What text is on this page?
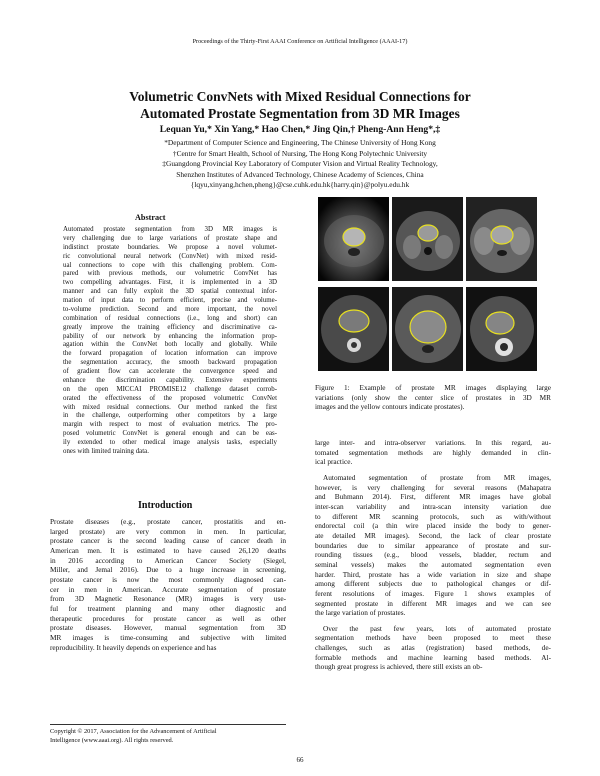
Proceedings of the Thirty-First AAAI Conference on Artificial Intelligence (AAAI-17)
Volumetric ConvNets with Mixed Residual Connections for
Automated Prostate Segmentation from 3D MR Images
Lequan Yu,* Xin Yang,* Hao Chen,* Jing Qin,† Pheng-Ann Heng*,‡
*Department of Computer Science and Engineering, The Chinese University of Hong Kong
†Centre for Smart Health, School of Nursing, The Hong Kong Polytechnic University
‡Guangdong Provincial Key Laboratory of Computer Vision and Virtual Reality Technology,
Shenzhen Institutes of Advanced Technology, Chinese Academy of Sciences, China
{lqyu,xinyang,hchen,pheng}@cse.cuhk.edu.hk{harry.qin}@polyu.edu.hk
Abstract
Automated prostate segmentation from 3D MR images is
very challenging due to large variations of prostate shape and
indistinct prostate boundaries. We propose a novel volumet-
ric convolutional neural network (ConvNet) with mixed resid-
ual connections to cope with this challenging problem. Com-
pared with previous methods, our volumetric ConvNet has
two compelling advantages. First, it is implemented in a 3D
manner and can fully exploit the 3D spatial contextual infor-
mation of input data to perform efficient, precise and volume-
to-volume prediction. Second and more important, the novel
combination of residual connections (i.e., long and short) can
greatly improve the training efficiency and discriminative ca-
pability of our network by enhancing the information prop-
agation within the ConvNet both locally and globally. While
the forward propagation of location information can improve
the segmentation accuracy, the smooth backward propagation
of gradient flow can accelerate the convergence speed and
enhance the discrimination capability. Extensive experiments
on the open MICCAI PROMISE12 challenge dataset corrob-
orated the effectiveness of the proposed volumetric ConvNet
with mixed residual connections. Our method ranked the first
in the challenge, outperforming other competitors by a large
margin with respect to most of evaluation metrics. The pro-
posed volumetric ConvNet is general enough and can be eas-
ily extended to other medical image analysis tasks, especially
ones with limited training data.
Introduction
Prostate diseases (e.g., prostate cancer, prostatitis and en-
larged prostate) are very common in men. In particular,
prostate cancer is the second leading cause of cancer death in
American men. It is estimated to have caused 26,120 deaths
in 2016 according to American Cancer Society (Siegel,
Miller, and Jemal 2016). Due to a huge increase in screening,
prostate cancer is now the most commonly diagnosed can-
cer in men in American. Accurate segmentation of prostate
from 3D Magnetic Resonance (MR) images is very use-
ful for treatment planning and many other diagnostic and
therapeutic procedures for prostate cancer as well as other
prostate diseases. However, manual segmentation from 3D
MR images is time-consuming and subjective with limited
reproducibility. It heavily depends on experience and has
Copyright © 2017, Association for the Advancement of Artificial
Intelligence (www.aaai.org). All rights reserved.
Figure 1: Example of prostate MR images displaying large
variations (only show the center slice of prostates in 3D MR
images and the yellow contours indicate prostates).
large inter- and intra-observer variations. In this regard, au-
tomated segmentation methods are highly demanded in clin-
ical practice.
Automated segmentation of prostate from MR images,
however, is very challenging for several reasons (Mahapatra
and Buhmann 2014). First, different MR images have global
inter-scan variability and intra-scan intensity variation due
to different MR scanning protocols, such as with/without
endorectal coil (a thin wire placed inside the body to gener-
ate detailed MR images). Second, the lack of clear prostate
boundaries due to similar appearance of prostate and sur-
rounding tissues (e.g., blood vessels, bladder, rectum and
seminal vessels) makes the automated segmentation even
harder. Third, prostate has a wide variation in size and shape
among different subjects due to pathological changes or dif-
ferent resolutions of images. Figure 1 shows examples of
segmented prostate in different MR images and we can see
the large variation of prostates.
Over the past few years, lots of automated prostate
segmentation methods have been proposed to meet these
challenges, such as atlas (registration) based methods, de-
formable methods and machine learning based methods. Al-
though great progress is achieved, there still exists an ob-
66
